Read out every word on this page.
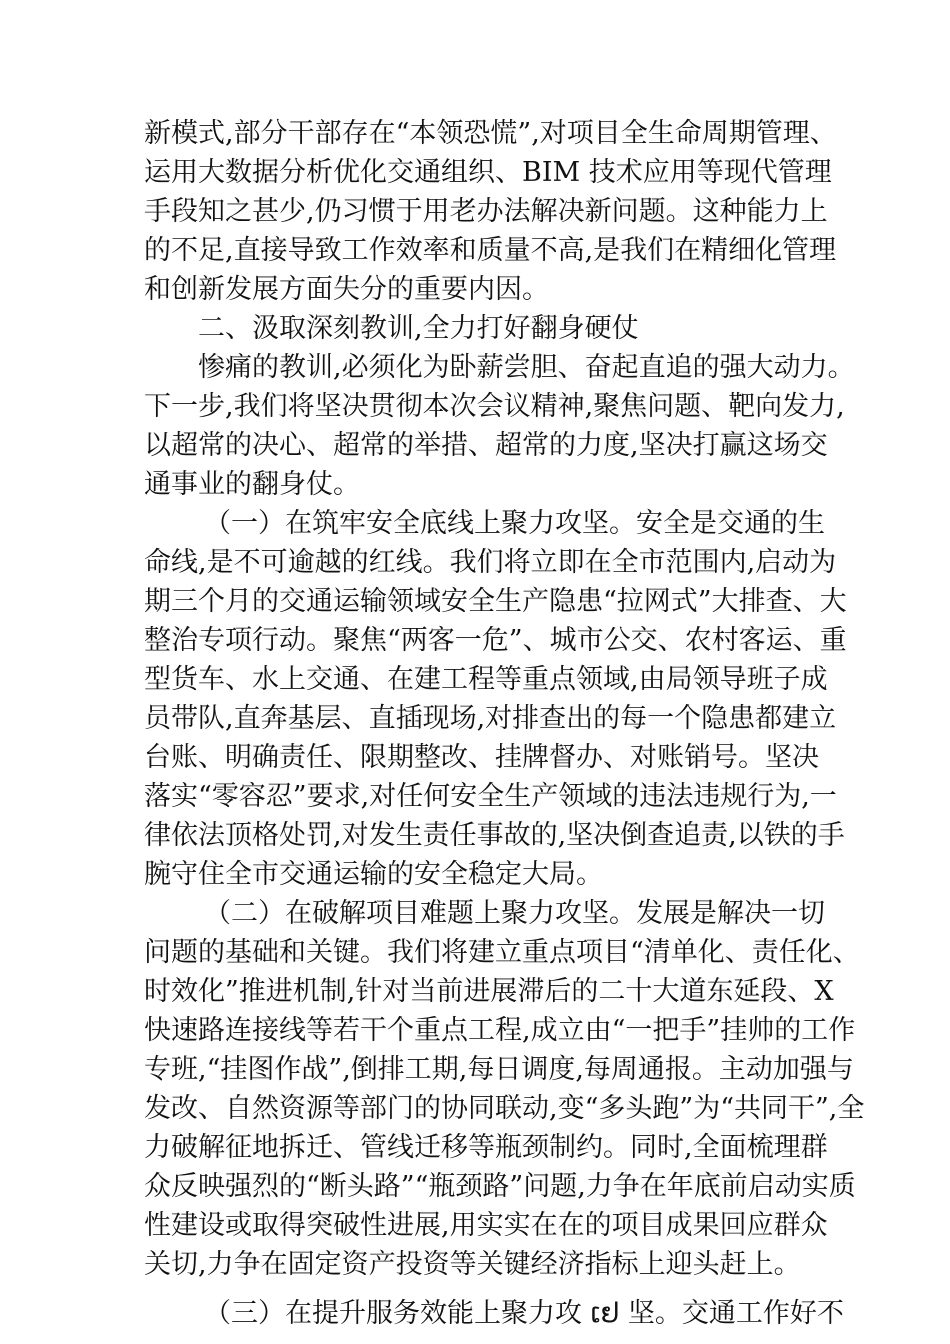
新模式,部分干部存在“本领恐慌”,对项目全生命周期管理、
运用大数据分析优化交通组织、BIM 技术应用等现代管理
手段知之甚少,仍习惯于用老办法解决新问题。这种能力上
的不足,直接导致工作效率和质量不高,是我们在精细化管理
和创新发展方面失分的重要内因。
二、汲取深刻教训,全力打好翻身硬仗
惨痛的教训,必须化为卧薪尝胆、奋起直追的强大动力。
下一步,我们将坚决贯彻本次会议精神,聚焦问题、靶向发力,
以超常的决心、超常的举措、超常的力度,坚决打赢这场交
通事业的翻身仗。
（一）在筑牢安全底线上聚力攻坚。安全是交通的生
命线,是不可逾越的红线。我们将立即在全市范围内,启动为
期三个月的交通运输领域安全生产隐患“拉网式”大排查、大
整治专项行动。聚焦“两客一危”、城市公交、农村客运、重
型货车、水上交通、在建工程等重点领域,由局领导班子成
员带队,直奔基层、直插现场,对排查出的每一个隐患都建立
台账、明确责任、限期整改、挂牌督办、对账销号。坚决
落实“零容忍”要求,对任何安全生产领域的违法违规行为,一
律依法顶格处罚,对发生责任事故的,坚决倒查追责,以铁的手
腕守住全市交通运输的安全稳定大局。
（二）在破解项目难题上聚力攻坚。发展是解决一切
问题的基础和关键。我们将建立重点项目“清单化、责任化、
时效化”推进机制,针对当前进展滞后的二十大道东延段、X
快速路连接线等若干个重点工程,成立由“一把手”挂帅的工作
专班,“挂图作战”,倒排工期,每日调度,每周通报。主动加强与
发改、自然资源等部门的协同联动,变“多头跑”为“共同干”,全
力破解征地拆迁、管线迁移等瓶颈制约。同时,全面梳理群
众反映强烈的“断头路”“瓶颈路”问题,力争在年底前启动实质
性建设或取得突破性进展,用实实在在的项目成果回应群众
关切,力争在固定资产投资等关键经济指标上迎头赶上。
（三）在提升服务效能上聚力攻 ເຢ 坚。交通工作好不
